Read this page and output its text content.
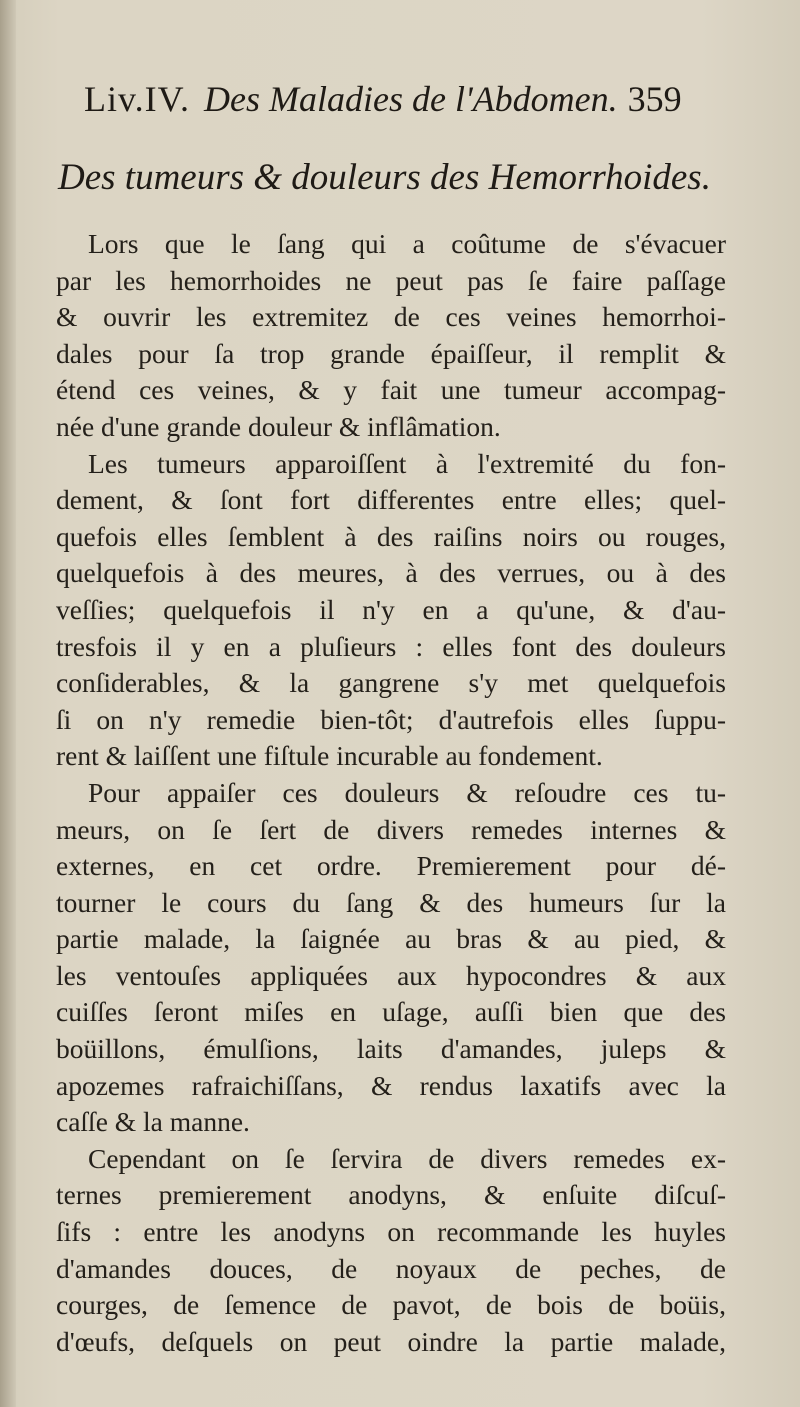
Liv.IV. Des Maladies de l'Abdomen. 359
Des tumeurs & douleurs des Hemorrhoides.
Lors que le ſang qui a coûtume de s'évacuer
par les hemorrhoides ne peut pas ſe faire paſſage
& ouvrir les extremitez de ces veines hemorrhoi-
dales pour ſa trop grande épaiſſeur, il remplit &
étend ces veines, & y fait une tumeur accompag-
née d'une grande douleur & inflâmation.
Les tumeurs apparoiſſent à l'extremité du fon-
dement, & ſont fort differentes entre elles; quel-
quefois elles ſemblent à des raiſins noirs ou rouges,
quelquefois à des meures, à des verrues, ou à des
veſſies; quelquefois il n'y en a qu'une, & d'au-
tresfois il y en a pluſieurs : elles font des douleurs
conſiderables, & la gangrene s'y met quelquefois
ſi on n'y remedie bien-tôt; d'autrefois elles ſuppu-
rent & laiſſent une fiſtule incurable au fondement.
Pour appaiſer ces douleurs & reſoudre ces tu-
meurs, on ſe ſert de divers remedes internes &
externes, en cet ordre. Premierement pour dé-
tourner le cours du ſang & des humeurs ſur la
partie malade, la ſaignée au bras & au pied, &
les ventouſes appliquées aux hypocondres & aux
cuiſſes ſeront miſes en uſage, auſſi bien que des
boüillons, émulſions, laits d'amandes, juleps &
apozemes rafraichiſſans, & rendus laxatifs avec la
caſſe & la manne.
Cependant on ſe ſervira de divers remedes ex-
ternes premierement anodyns, & enſuite diſcuſ-
ſifs : entre les anodyns on recommande les huyles
d'amandes douces, de noyaux de peches, de
courges, de ſemence de pavot, de bois de boüis,
d'œufs, deſquels on peut oindre la partie malade,
